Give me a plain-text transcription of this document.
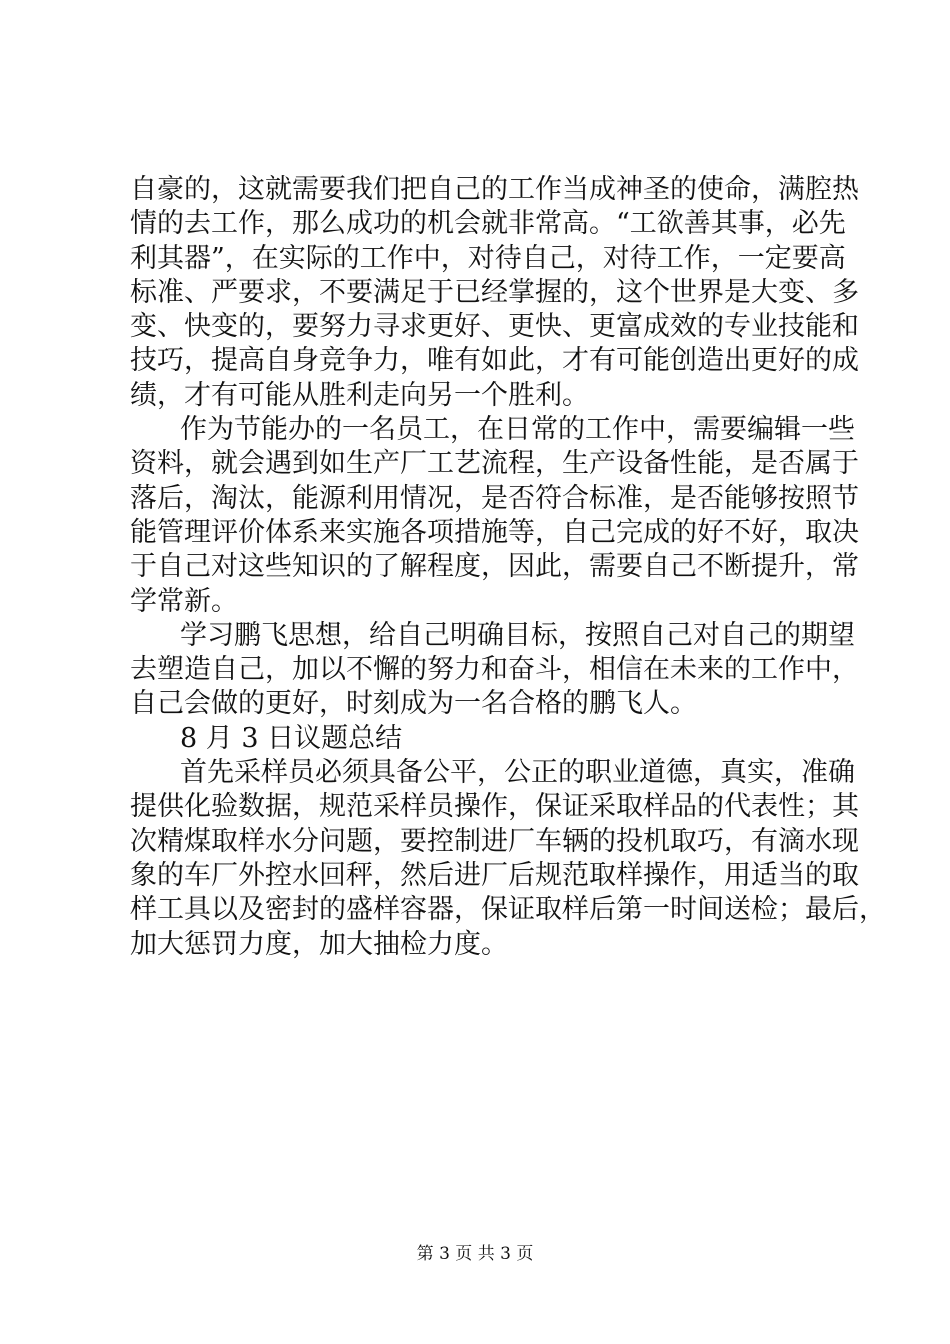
自豪的，这就需要我们把自己的工作当成神圣的使命，满腔热
情的去工作，那么成功的机会就非常高。“工欲善其事，必先
利其器”，在实际的工作中，对待自己，对待工作，一定要高
标准、严要求，不要满足于已经掌握的，这个世界是大变、多
变、快变的，要努力寻求更好、更快、更富成效的专业技能和
技巧，提高自身竞争力，唯有如此，才有可能创造出更好的成
绩，才有可能从胜利走向另一个胜利。
作为节能办的一名员工，在日常的工作中，需要编辑一些
资料，就会遇到如生产厂工艺流程，生产设备性能，是否属于
落后，淘汰，能源利用情况，是否符合标准，是否能够按照节
能管理评价体系来实施各项措施等，自己完成的好不好，取决
于自己对这些知识的了解程度，因此，需要自己不断提升，常
学常新。
学习鹏飞思想，给自己明确目标，按照自己对自己的期望
去塑造自己，加以不懈的努力和奋斗，相信在未来的工作中，
自己会做的更好，时刻成为一名合格的鹏飞人。
8 月 3 日议题总结
首先采样员必须具备公平，公正的职业道德，真实，准确
提供化验数据，规范采样员操作，保证采取样品的代表性；其
次精煤取样水分问题，要控制进厂车辆的投机取巧，有滴水现
象的车厂外控水回秤，然后进厂后规范取样操作，用适当的取
样工具以及密封的盛样容器，保证取样后第一时间送检；最后，
加大惩罚力度，加大抽检力度。
第 3 页 共 3 页
